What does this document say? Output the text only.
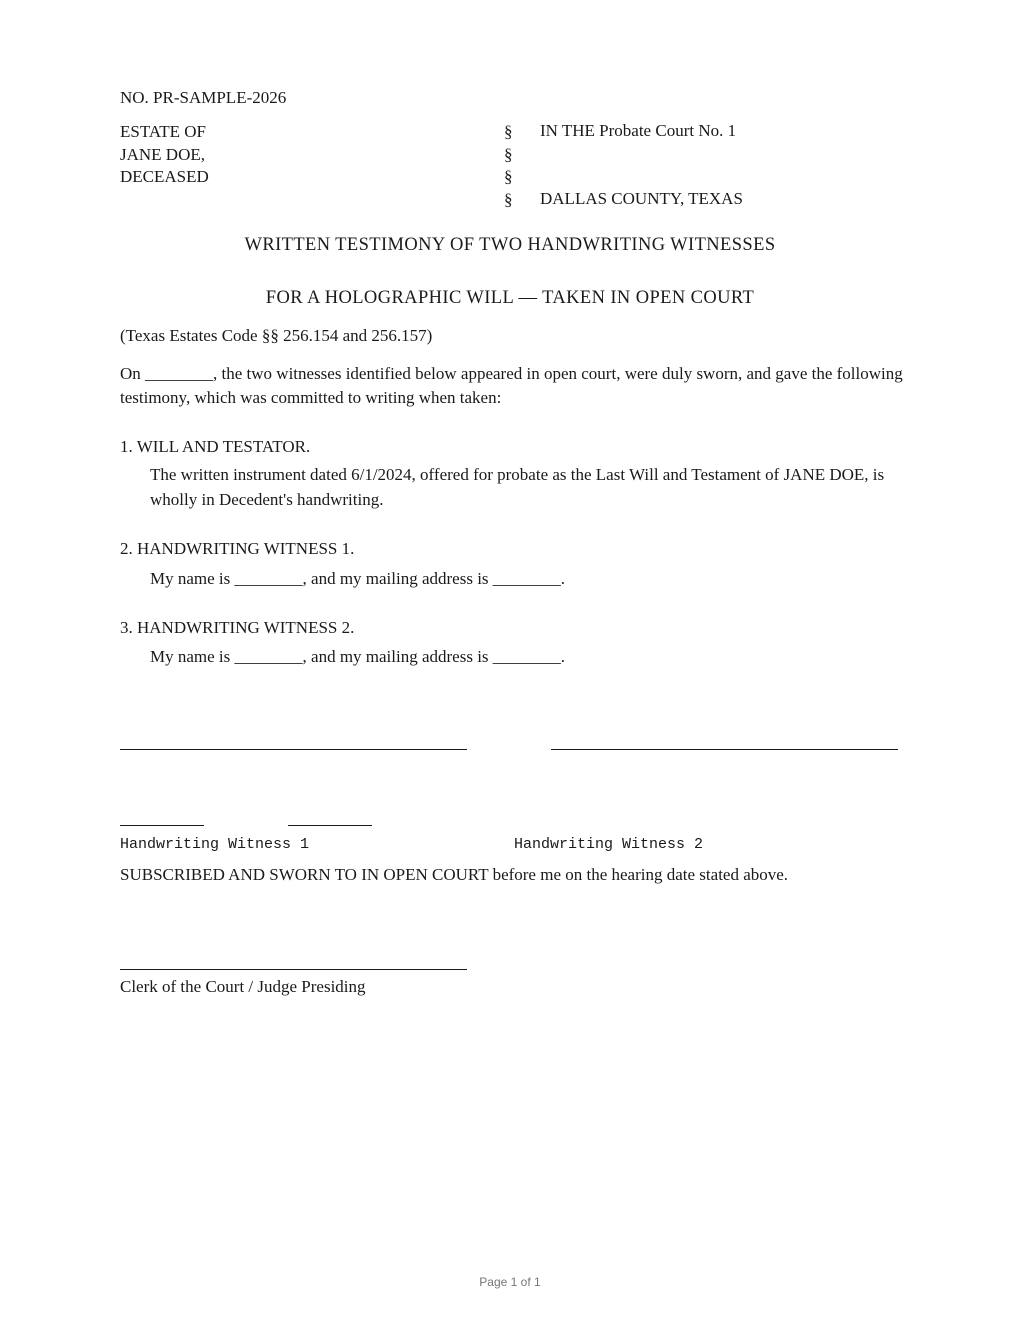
NO. PR-SAMPLE-2026
ESTATE OF
JANE DOE,
DECEASED
§
§
§
§
IN THE Probate Court No. 1
DALLAS COUNTY, TEXAS
WRITTEN TESTIMONY OF TWO HANDWRITING WITNESSES
FOR A HOLOGRAPHIC WILL — TAKEN IN OPEN COURT
(Texas Estates Code §§ 256.154 and 256.157)
On ________, the two witnesses identified below appeared in open court, were duly sworn, and gave the following testimony, which was committed to writing when taken:
1. WILL AND TESTATOR.
The written instrument dated 6/1/2024, offered for probate as the Last Will and Testament of JANE DOE, is wholly in Decedent's handwriting.
2. HANDWRITING WITNESS 1.
My name is ________, and my mailing address is ________.
3. HANDWRITING WITNESS 2.
My name is ________, and my mailing address is ________.
Handwriting Witness 1	Handwriting Witness 2
SUBSCRIBED AND SWORN TO IN OPEN COURT before me on the hearing date stated above.
Clerk of the Court / Judge Presiding
Page 1 of 1
